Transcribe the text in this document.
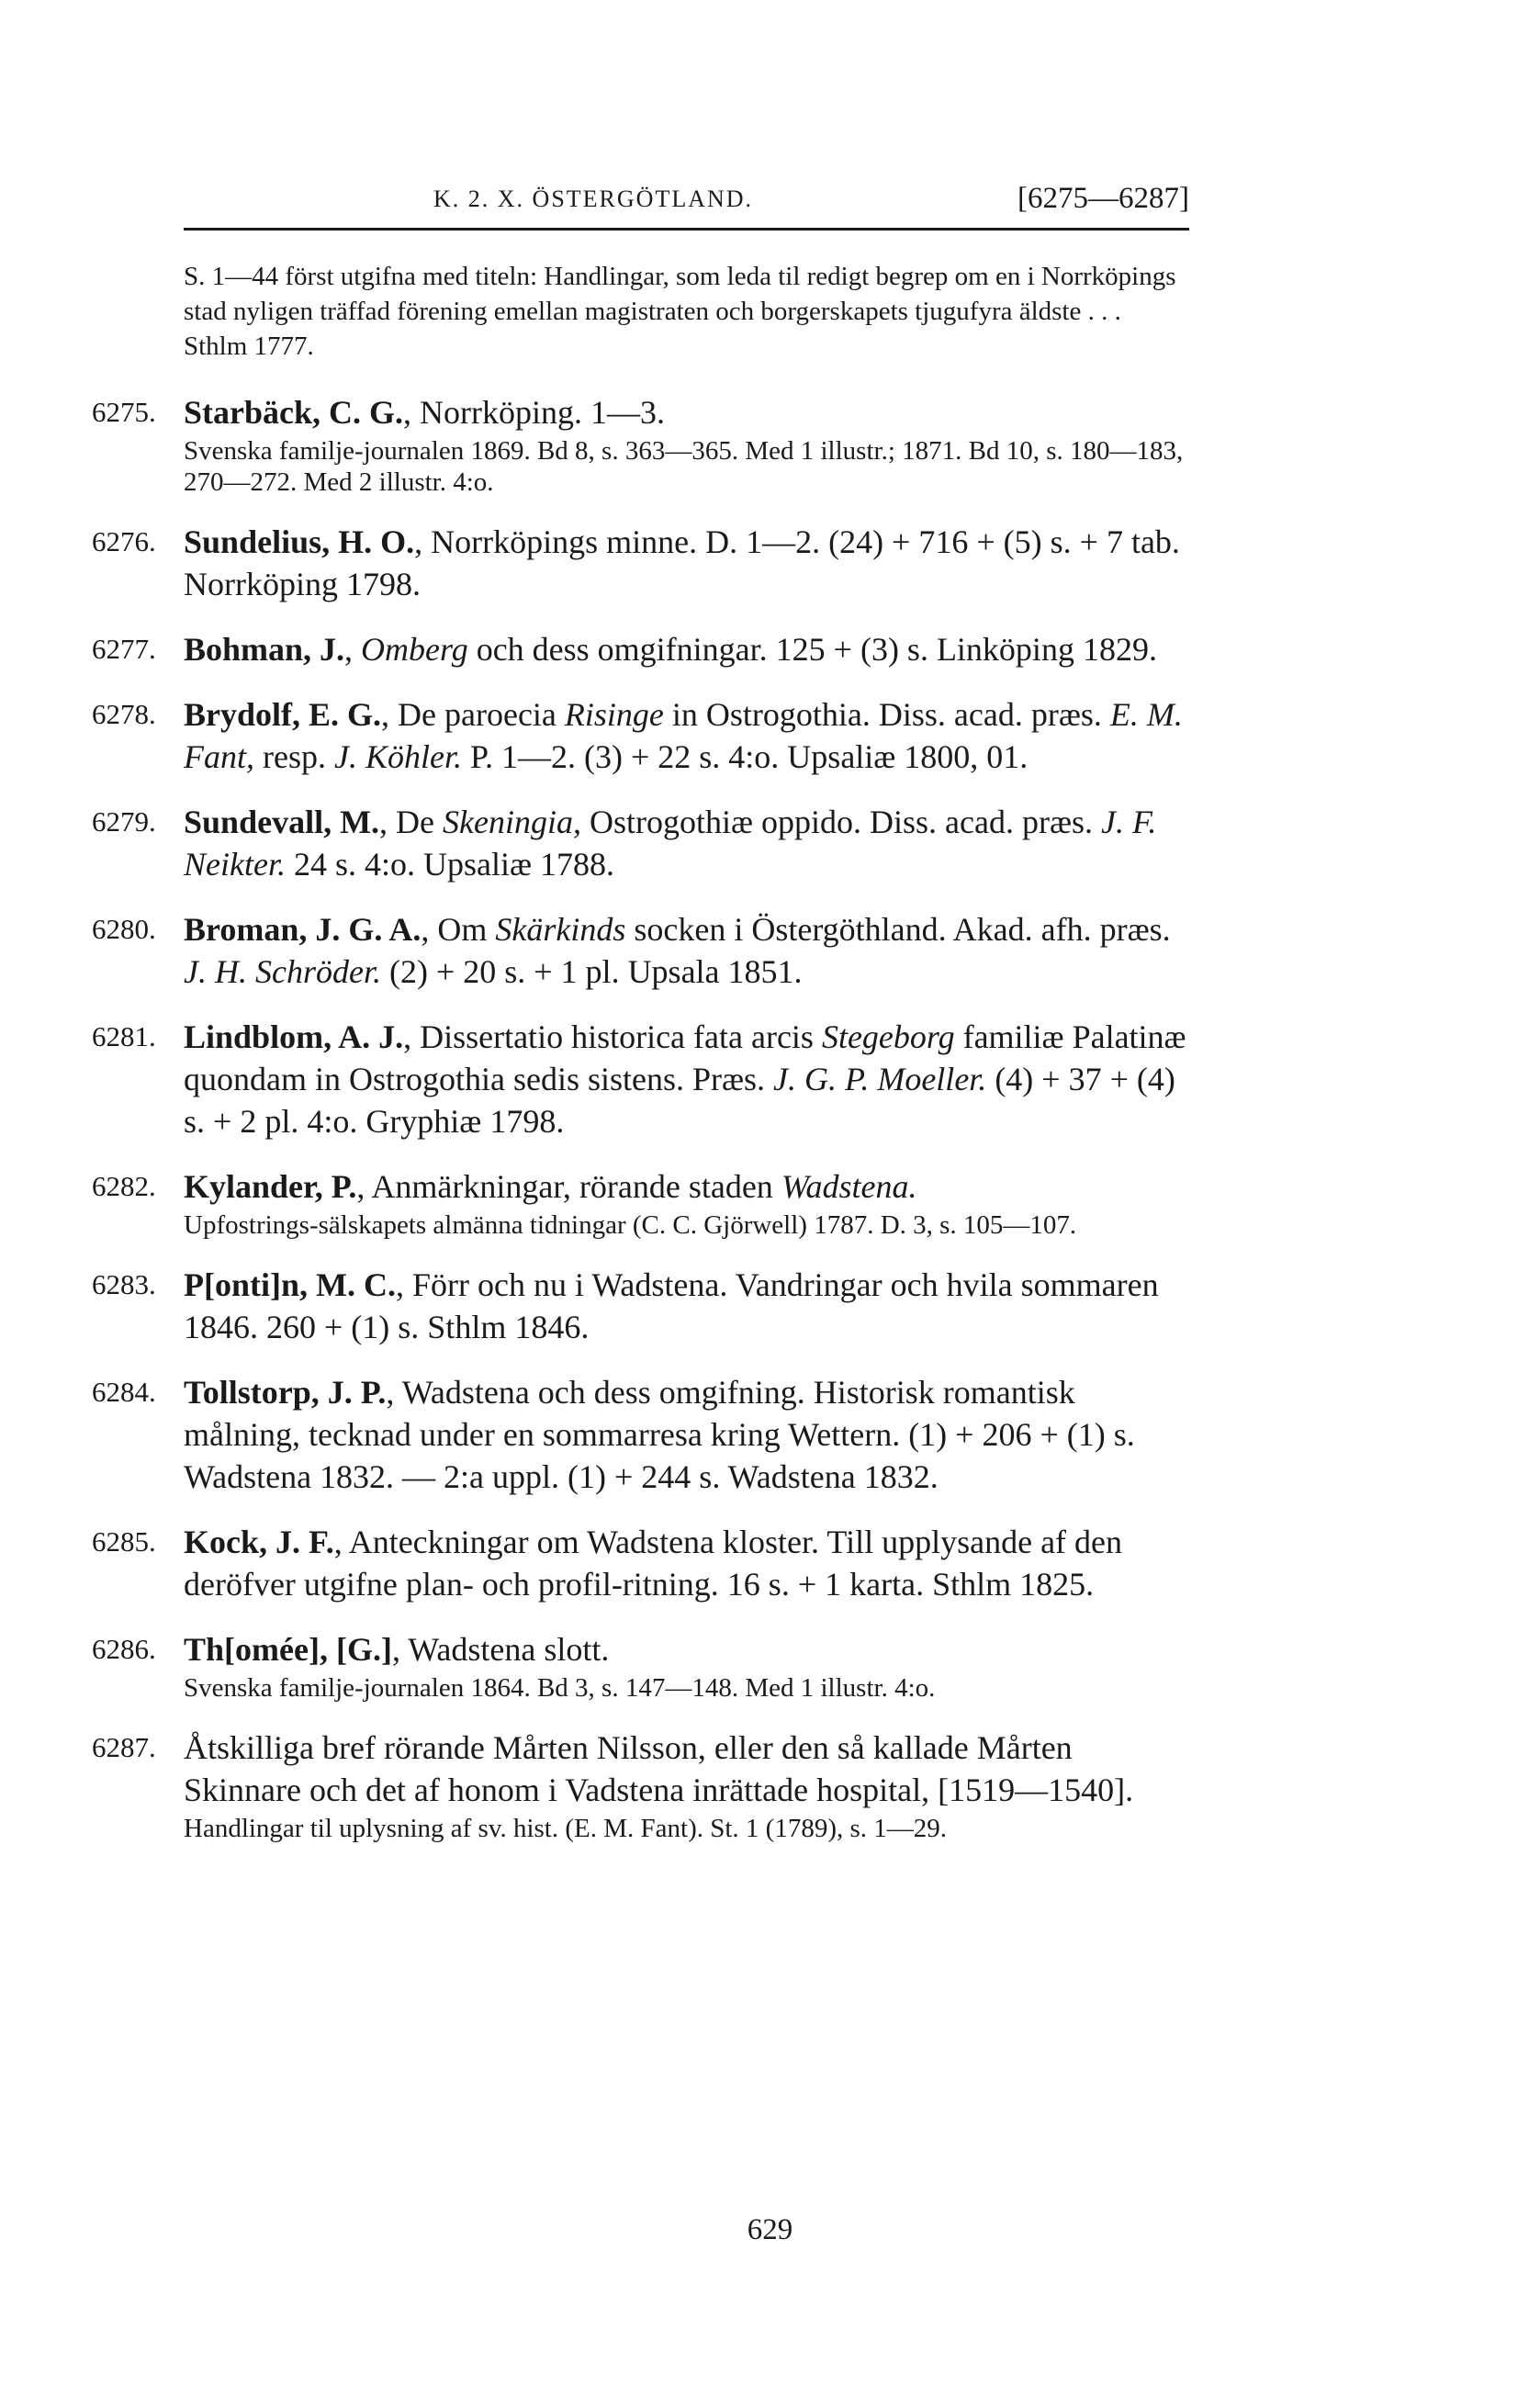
K. 2. X. ÖSTERGÖTLAND.	[6275—6287]
S. 1—44 först utgifna med titeln: Handlingar, som leda til redigt begrep om en i Norrköpings stad nyligen träffad förening emellan magistraten och borgerskapets tjugufyra äldste . . . Sthlm 1777.
6275. Starbäck, C. G., Norrköping. 1—3.
Svenska familje-journalen 1869. Bd 8, s. 363—365. Med 1 illustr.; 1871. Bd 10, s. 180—183, 270—272. Med 2 illustr. 4:o.
6276. Sundelius, H. O., Norrköpings minne. D. 1—2. (24) + 716 + (5) s. + 7 tab. Norrköping 1798.
6277. Bohman, J., Omberg och dess omgifningar. 125 + (3) s. Linköping 1829.
6278. Brydolf, E. G., De paroecia Risinge in Ostrogothia. Diss. acad. præs. E. M. Fant, resp. J. Köhler. P. 1—2. (3) + 22 s. 4:o. Upsaliæ 1800, 01.
6279. Sundevall, M., De Skeningia, Ostrogothiæ oppido. Diss. acad. præs. J. F. Neikter. 24 s. 4:o. Upsaliæ 1788.
6280. Broman, J. G. A., Om Skärkinds socken i Östergöthland. Akad. afh. præs. J. H. Schröder. (2) + 20 s. + 1 pl. Upsala 1851.
6281. Lindblom, A. J., Dissertatio historica fata arcis Stegeborg familiæ Palatinæ quondam in Ostrogothia sedis sistens. Præs. J. G. P. Moeller. (4) + 37 + (4) s. + 2 pl. 4:o. Gryphiæ 1798.
6282. Kylander, P., Anmärkningar, rörande staden Wadstena.
Upfostrings-sälskapets almänna tidningar (C. C. Gjörwell) 1787. D. 3, s. 105—107.
6283. P[onti]n, M. C., Förr och nu i Wadstena. Vandringar och hvila sommaren 1846. 260 + (1) s. Sthlm 1846.
6284. Tollstorp, J. P., Wadstena och dess omgifning. Historisk romantisk målning, tecknad under en sommarresa kring Wettern. (1) + 206 + (1) s. Wadstena 1832. — 2:a uppl. (1) + 244 s. Wadstena 1832.
6285. Kock, J. F., Anteckningar om Wadstena kloster. Till upplysande af den deröfver utgifne plan- och profil-ritning. 16 s. + 1 karta. Sthlm 1825.
6286. Th[omée], [G.], Wadstena slott.
Svenska familje-journalen 1864. Bd 3, s. 147—148. Med 1 illustr. 4:o.
6287. Åtskilliga bref rörande Mårten Nilsson, eller den så kallade Mårten Skinnare och det af honom i Vadstena inrättade hospital, [1519—1540].
Handlingar til uplysning af sv. hist. (E. M. Fant). St. 1 (1789), s. 1—29.
629
